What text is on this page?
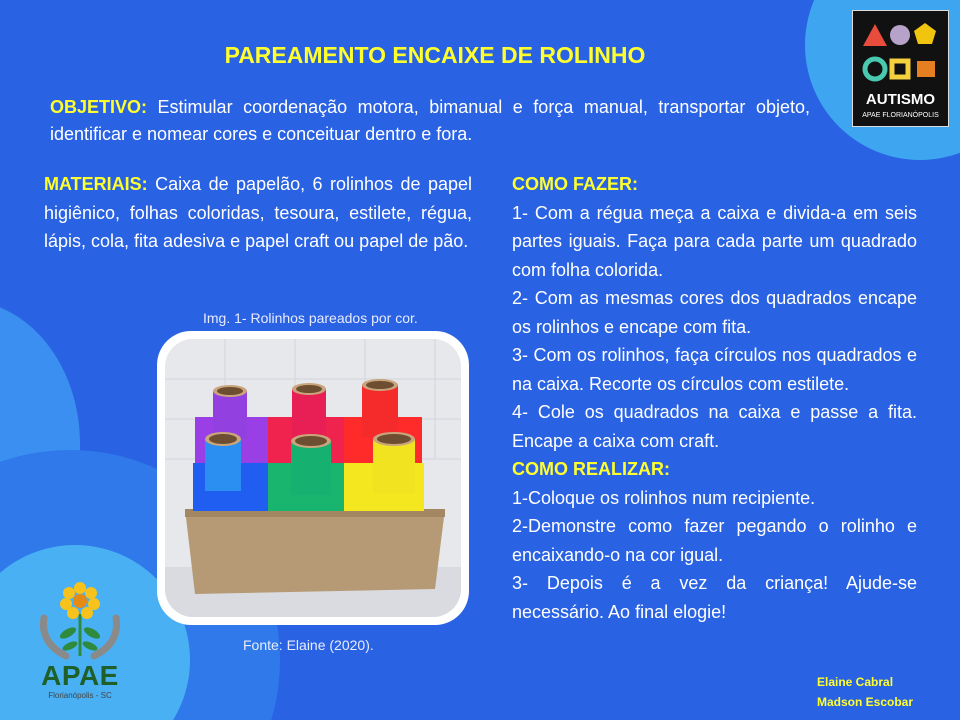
PAREAMENTO ENCAIXE DE ROLINHO
OBJETIVO: Estimular coordenação motora, bimanual e força manual, transportar objeto, identificar e nomear cores e conceituar dentro e fora.
MATERIAIS: Caixa de papelão, 6 rolinhos de papel higiênico, folhas coloridas, tesoura, estilete, régua, lápis, cola, fita adesiva e papel craft ou papel de pão.
Img. 1- Rolinhos pareados por cor.
Fonte: Elaine (2020).

COMO FAZER:

1- Com a régua meça a caixa e divida-a em seis partes iguais. Faça para cada parte um quadrado com folha colorida.

2- Com as mesmas cores dos quadrados encape os rolinhos e encape com fita.

3- Com os rolinhos, faça círculos nos quadrados e na caixa. Recorte os círculos com estilete.

4- Cole os quadrados na caixa e passe a fita. Encape a caixa com craft.

COMO REALIZAR:

1-Coloque os rolinhos num recipiente.

2-Demonstre como fazer pegando o rolinho e encaixando-o na cor igual.

3- Depois é a vez da criança! Ajude-se necessário. Ao final elogie!

AUTISMO
APAE FLORIANÓPOLIS
APAE
Florianópolis - SC
Elaine Cabral
Madson Escobar
